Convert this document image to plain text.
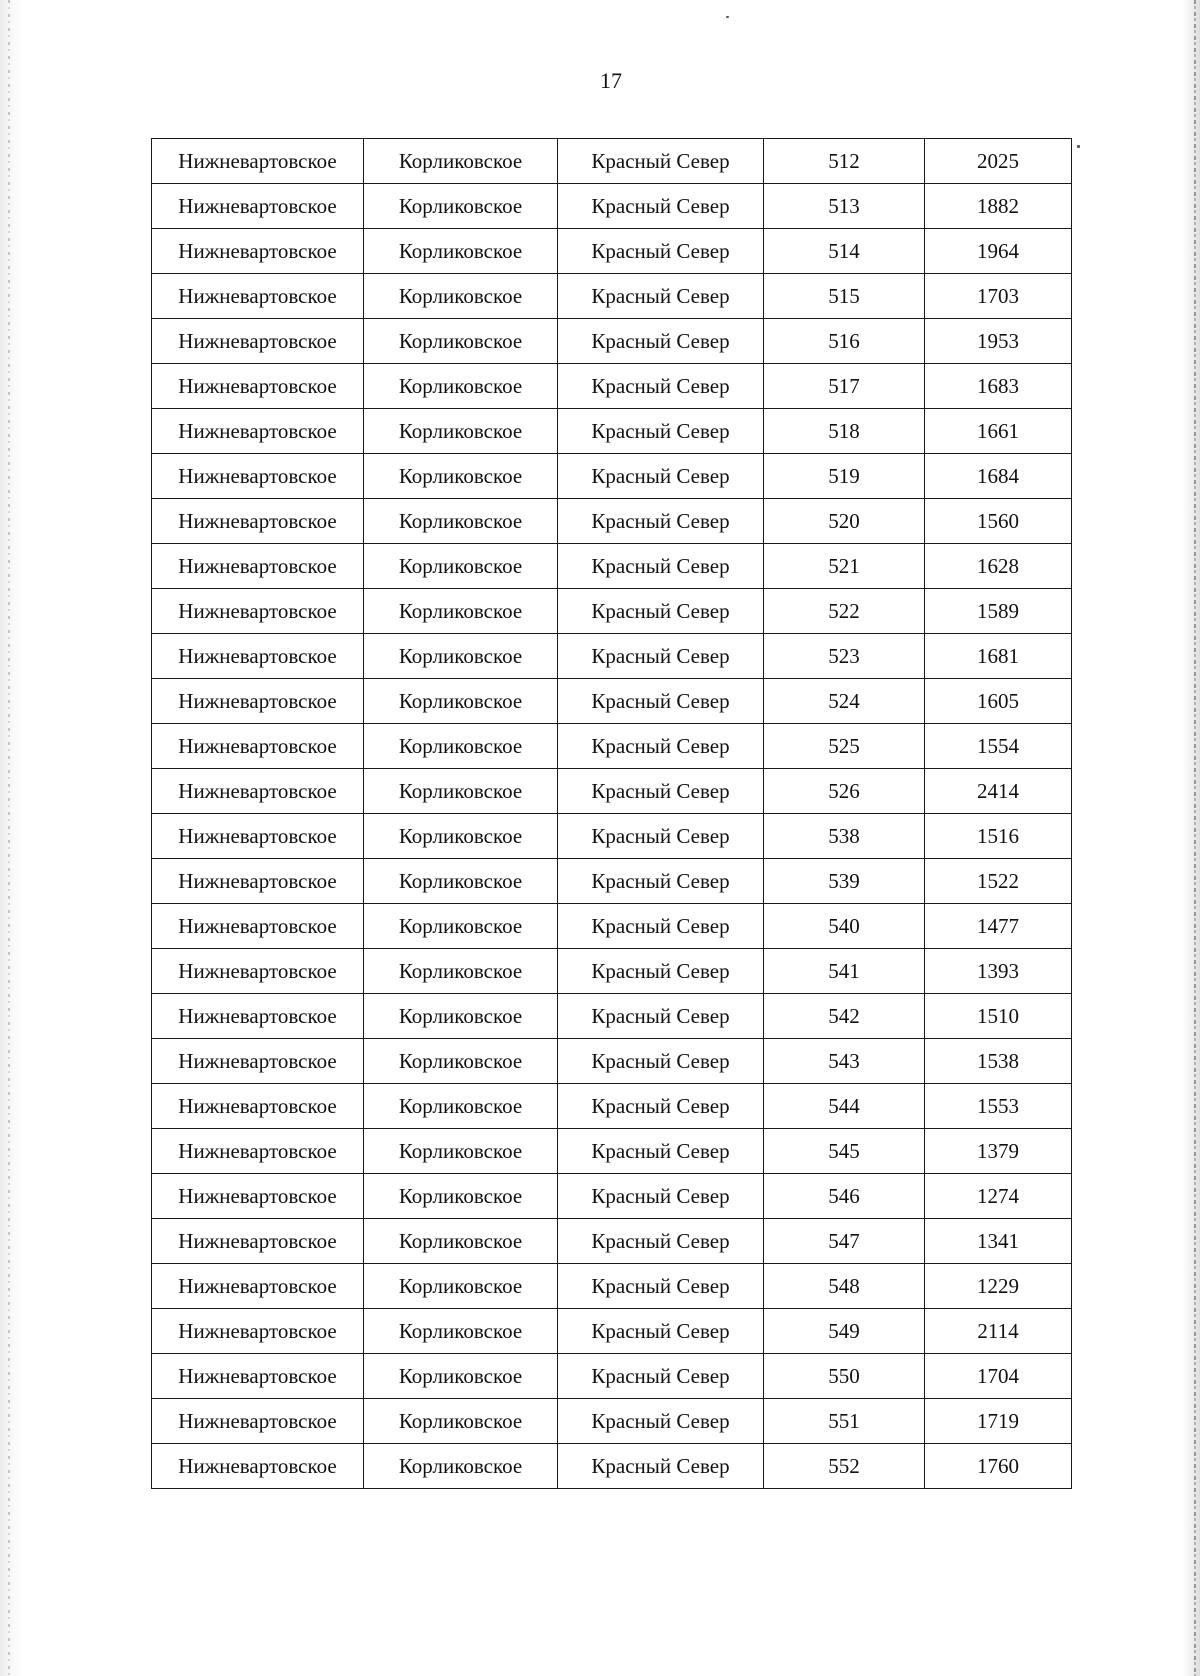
17
Нижневартовское	Корликовское	Красный Север	512	2025
Нижневартовское	Корликовское	Красный Север	513	1882
Нижневартовское	Корликовское	Красный Север	514	1964
Нижневартовское	Корликовское	Красный Север	515	1703
Нижневартовское	Корликовское	Красный Север	516	1953
Нижневартовское	Корликовское	Красный Север	517	1683
Нижневартовское	Корликовское	Красный Север	518	1661
Нижневартовское	Корликовское	Красный Север	519	1684
Нижневартовское	Корликовское	Красный Север	520	1560
Нижневартовское	Корликовское	Красный Север	521	1628
Нижневартовское	Корликовское	Красный Север	522	1589
Нижневартовское	Корликовское	Красный Север	523	1681
Нижневартовское	Корликовское	Красный Север	524	1605
Нижневартовское	Корликовское	Красный Север	525	1554
Нижневартовское	Корликовское	Красный Север	526	2414
Нижневартовское	Корликовское	Красный Север	538	1516
Нижневартовское	Корликовское	Красный Север	539	1522
Нижневартовское	Корликовское	Красный Север	540	1477
Нижневартовское	Корликовское	Красный Север	541	1393
Нижневартовское	Корликовское	Красный Север	542	1510
Нижневартовское	Корликовское	Красный Север	543	1538
Нижневартовское	Корликовское	Красный Север	544	1553
Нижневартовское	Корликовское	Красный Север	545	1379
Нижневартовское	Корликовское	Красный Север	546	1274
Нижневартовское	Корликовское	Красный Север	547	1341
Нижневартовское	Корликовское	Красный Север	548	1229
Нижневартовское	Корликовское	Красный Север	549	2114
Нижневартовское	Корликовское	Красный Север	550	1704
Нижневартовское	Корликовское	Красный Север	551	1719
Нижневартовское	Корликовское	Красный Север	552	1760
